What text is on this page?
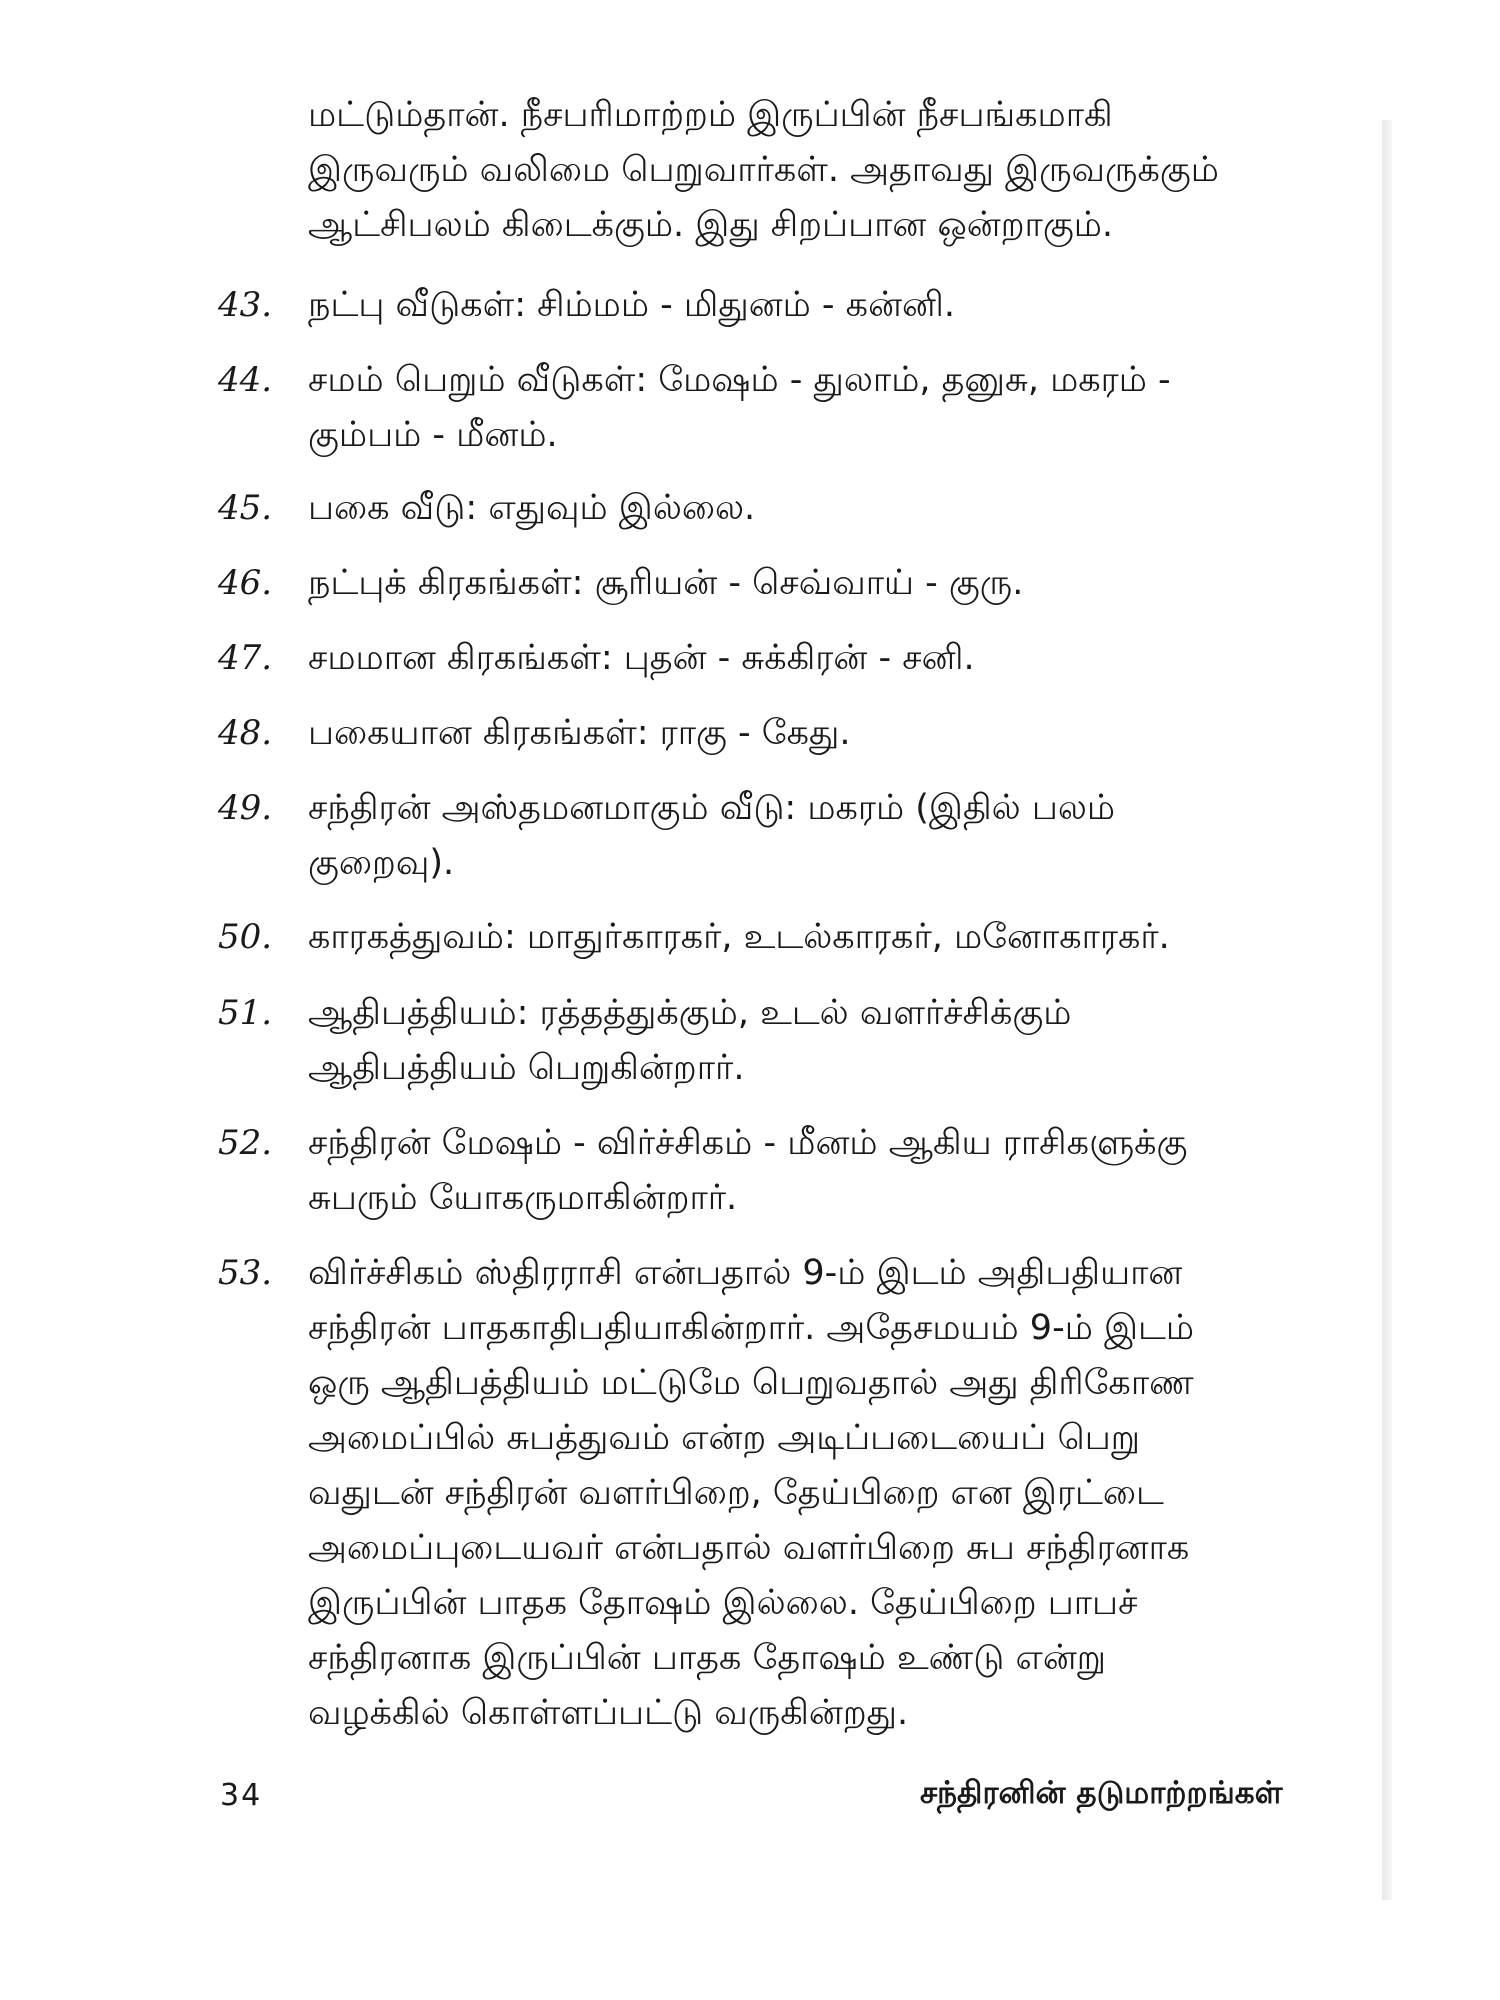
மட்டும்தான். நீசபரிமாற்றம் இருப்பின் நீசபங்கமாகி
இருவரும் வலிமை பெறுவார்கள். அதாவது இருவருக்கும்
ஆட்சிபலம் கிடைக்கும். இது சிறப்பான ஒன்றாகும்.
43. நட்பு வீடுகள்: சிம்மம் - மிதுனம் - கன்னி.
44. சமம் பெறும் வீடுகள்: மேஷம் - துலாம், தனுசு, மகரம் -
கும்பம் - மீனம்.
45. பகை வீடு: எதுவும் இல்லை.
46. நட்புக் கிரகங்கள்: சூரியன் - செவ்வாய் - குரு.
47. சமமான கிரகங்கள்: புதன் - சுக்கிரன் - சனி.
48. பகையான கிரகங்கள்: ராகு - கேது.
49. சந்திரன் அஸ்தமனமாகும் வீடு: மகரம் (இதில் பலம்
குறைவு).
50. காரகத்துவம்: மாதுர்காரகர், உடல்காரகர், மனோகாரகர்.
51. ஆதிபத்தியம்: ரத்தத்துக்கும், உடல் வளர்ச்சிக்கும்
ஆதிபத்தியம் பெறுகின்றார்.
52. சந்திரன் மேஷம் - விர்ச்சிகம் - மீனம் ஆகிய ராசிகளுக்கு
சுபரும் யோகருமாகின்றார்.
53. விர்ச்சிகம் ஸ்திரராசி என்பதால் 9-ம் இடம் அதிபதியான
சந்திரன் பாதகாதிபதியாகின்றார். அதேசமயம் 9-ம் இடம்
ஒரு ஆதிபத்தியம் மட்டுமே பெறுவதால் அது திரிகோண
அமைப்பில் சுபத்துவம் என்ற அடிப்படையைப் பெறு
வதுடன் சந்திரன் வளர்பிறை, தேய்பிறை என இரட்டை
அமைப்புடையவர் என்பதால் வளர்பிறை சுப சந்திரனாக
இருப்பின் பாதக தோஷம் இல்லை. தேய்பிறை பாபச்
சந்திரனாக இருப்பின் பாதக தோஷம் உண்டு என்று
வழக்கில் கொள்ளப்பட்டு வருகின்றது.
34	சந்திரனின் தடுமாற்றங்கள்
